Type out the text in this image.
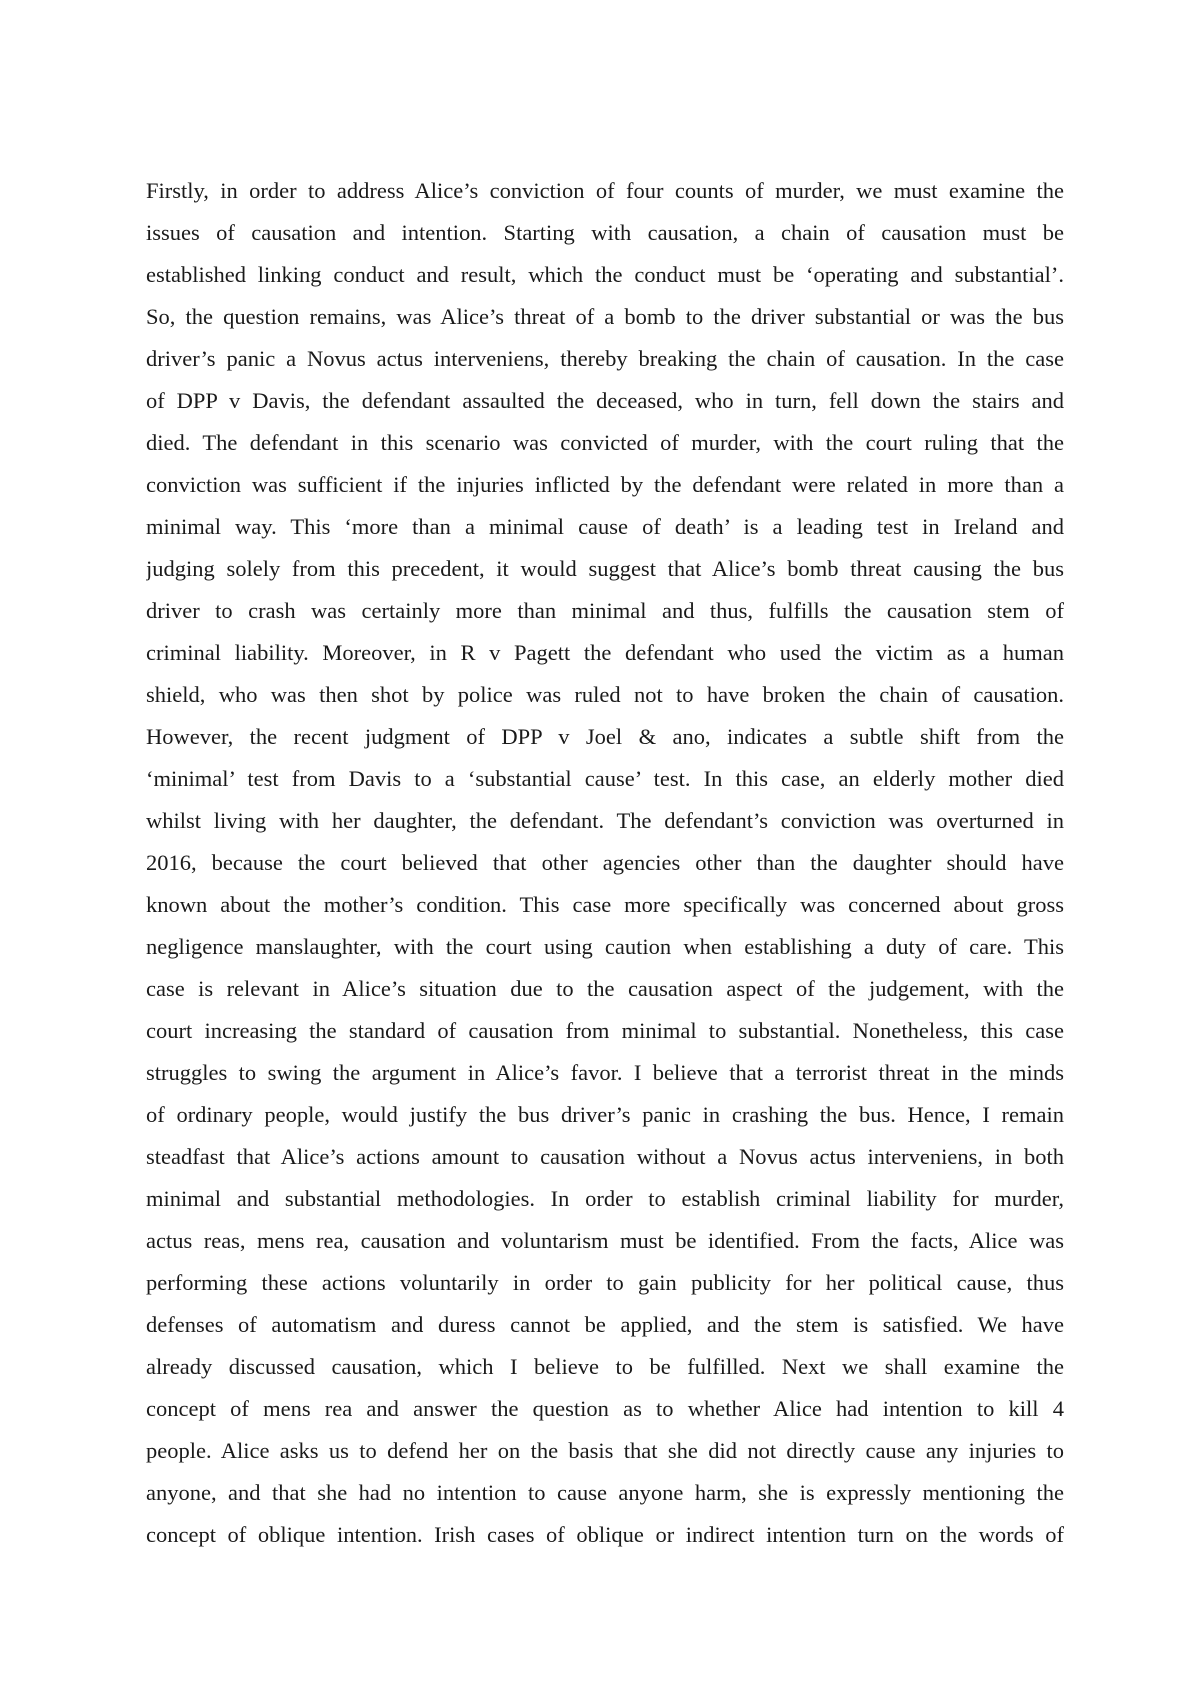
Firstly, in order to address Alice’s conviction of four counts of murder, we must examine the
issues of causation and intention. Starting with causation, a chain of causation must be
established linking conduct and result, which the conduct must be ‘operating and substantial’.
So, the question remains, was Alice’s threat of a bomb to the driver substantial or was the bus
driver’s panic a Novus actus interveniens, thereby breaking the chain of causation. In the case
of DPP v Davis, the defendant assaulted the deceased, who in turn, fell down the stairs and
died. The defendant in this scenario was convicted of murder, with the court ruling that the
conviction was sufficient if the injuries inflicted by the defendant were related in more than a
minimal way. This ‘more than a minimal cause of death’ is a leading test in Ireland and
judging solely from this precedent, it would suggest that Alice’s bomb threat causing the bus
driver to crash was certainly more than minimal and thus, fulfills the causation stem of
criminal liability. Moreover, in R v Pagett the defendant who used the victim as a human
shield, who was then shot by police was ruled not to have broken the chain of causation.
However, the recent judgment of DPP v Joel & ano, indicates a subtle shift from the
‘minimal’ test from Davis to a ‘substantial cause’ test. In this case, an elderly mother died
whilst living with her daughter, the defendant. The defendant’s conviction was overturned in
2016, because the court believed that other agencies other than the daughter should have
known about the mother’s condition. This case more specifically was concerned about gross
negligence manslaughter, with the court using caution when establishing a duty of care. This
case is relevant in Alice’s situation due to the causation aspect of the judgement, with the
court increasing the standard of causation from minimal to substantial. Nonetheless, this case
struggles to swing the argument in Alice’s favor. I believe that a terrorist threat in the minds
of ordinary people, would justify the bus driver’s panic in crashing the bus. Hence, I remain
steadfast that Alice’s actions amount to causation without a Novus actus interveniens, in both
minimal and substantial methodologies. In order to establish criminal liability for murder,
actus reas, mens rea, causation and voluntarism must be identified. From the facts, Alice was
performing these actions voluntarily in order to gain publicity for her political cause, thus
defenses of automatism and duress cannot be applied, and the stem is satisfied. We have
already discussed causation, which I believe to be fulfilled. Next we shall examine the
concept of mens rea and answer the question as to whether Alice had intention to kill 4
people. Alice asks us to defend her on the basis that she did not directly cause any injuries to
anyone, and that she had no intention to cause anyone harm, she is expressly mentioning the
concept of oblique intention. Irish cases of oblique or indirect intention turn on the words of
